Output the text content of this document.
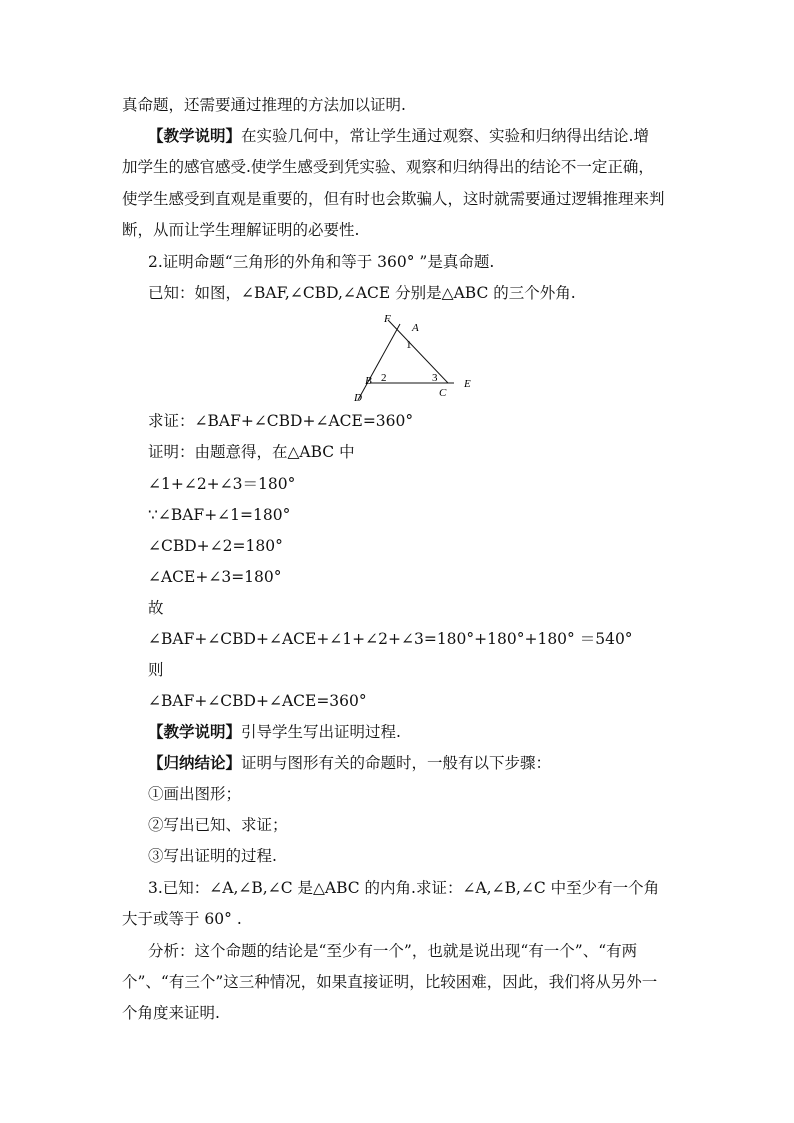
真命题，还需要通过推理的方法加以证明.
【教学说明】在实验几何中，常让学生通过观察、实验和归纳得出结论.增
加学生的感官感受.使学生感受到凭实验、观察和归纳得出的结论不一定正确，
使学生感受到直观是重要的，但有时也会欺骗人，这时就需要通过逻辑推理来判
断，从而让学生理解证明的必要性.
2.证明命题“三角形的外角和等于 360° ”是真命题.
已知：如图，∠BAF,∠CBD,∠ACE 分别是△ABC 的三个外角.
F
A
1
B 2	3 E
C
D
求证：∠BAF+∠CBD+∠ACE=360°
证明：由题意得，在△ABC 中
∠1+∠2+∠3＝180°
∵∠BAF+∠1=180°
∠CBD+∠2=180°
∠ACE+∠3=180°
故
∠BAF+∠CBD+∠ACE+∠1+∠2+∠3=180°+180°+180° ＝540°
则
∠BAF+∠CBD+∠ACE=360°
【教学说明】引导学生写出证明过程.
【归纳结论】证明与图形有关的命题时，一般有以下步骤：
①画出图形；
②写出已知、求证；
③写出证明的过程.
3.已知：∠A,∠B,∠C 是△ABC 的内角.求证：∠A,∠B,∠C 中至少有一个角
大于或等于 60° .
分析：这个命题的结论是“至少有一个”，也就是说出现“有一个”、“有两
个”、“有三个”这三种情况，如果直接证明，比较困难，因此，我们将从另外一
个角度来证明.
